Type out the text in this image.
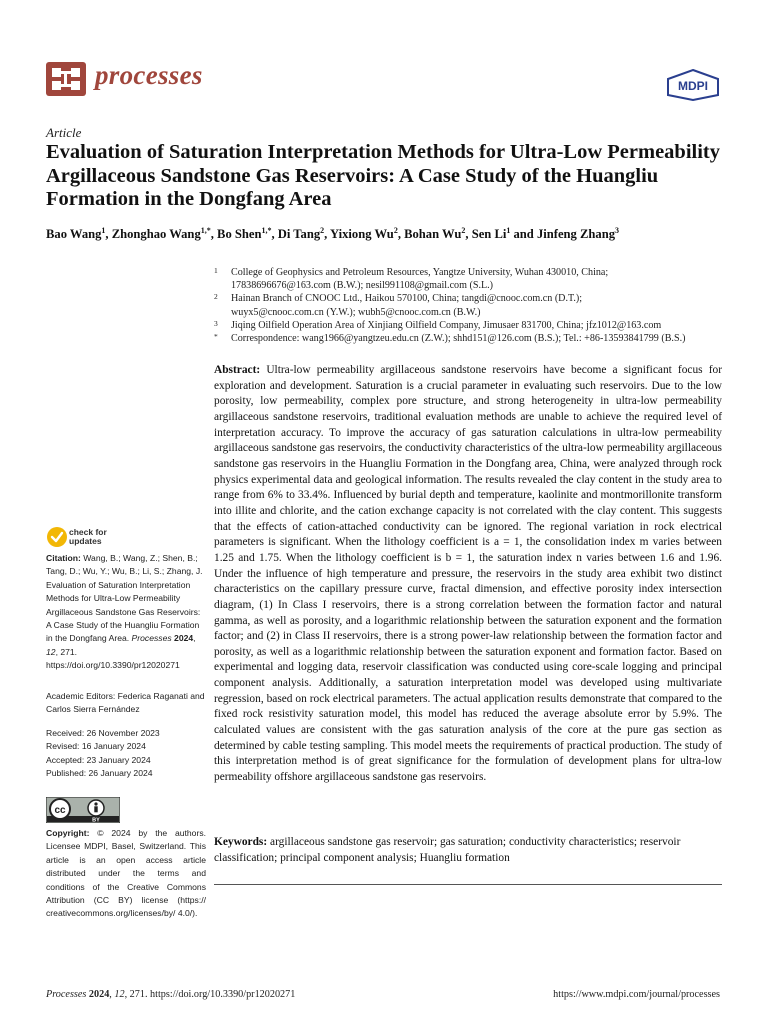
processes	MDPI
Article
Evaluation of Saturation Interpretation Methods for Ultra-Low Permeability Argillaceous Sandstone Gas Reservoirs: A Case Study of the Huangliu Formation in the Dongfang Area
Bao Wang$^1$, Zhonghao Wang$^{1,*}$, Bo Shen$^{1,*}$, Di Tang$^2$, Yixiong Wu$^2$, Bohan Wu$^2$, Sen Li$^1$ and Jinfeng Zhang$^3$
1 College of Geophysics and Petroleum Resources, Yangtze University, Wuhan 430010, China;
17838696676@163.com (B.W.); nesil991108@gmail.com (S.L.)
2 Hainan Branch of CNOOC Ltd., Haikou 570100, China; tangdi@cnooc.com.cn (D.T.);
wuyx5@cnooc.com.cn (Y.W.); wubh5@cnooc.com.cn (B.W.)
3 Jiqing Oilfield Operation Area of Xinjiang Oilfield Company, Jimusaer 831700, China; jfz1012@163.com
* Correspondence: wang1966@yangtzeu.edu.cn (Z.W.); shhd151@126.com (B.S.); Tel.: +86-13593841799 (B.S.)
Abstract: Ultra-low permeability argillaceous sandstone reservoirs have become a significant focus for exploration and development. Saturation is a crucial parameter in evaluating such reservoirs. Due to the low porosity, low permeability, complex pore structure, and strong heterogeneity in ultra-low permeability argillaceous sandstone reservoirs, traditional evaluation methods are unable to achieve the required level of interpretation accuracy. To improve the accuracy of gas saturation calculations in ultra-low permeability argillaceous sandstone gas reservoirs, the conductivity characteristics of the ultra-low permeability argillaceous sandstone gas reservoirs in the Huangliu Formation in the Dongfang area, China, were analyzed through rock physics experimental data and geological information. The results revealed the clay content in the study area to range from 6% to 33.4%. Influenced by burial depth and temperature, kaolinite and montmorillonite transform into illite and chlorite, and the cation exchange capacity is not correlated with the clay content. This suggests that the effects of cation-attached conductivity can be ignored. The regional variation in rock electrical parameters is significant. When the lithology coefficient is a = 1, the consolidation index m varies between 1.25 and 1.75. When the lithology coefficient is b = 1, the saturation index n varies between 1.6 and 1.96. Under the influence of high temperature and pressure, the reservoirs in the study area exhibit two distinct characteristics on the capillary pressure curve, fractal dimension, and effective porosity index intersection diagram, (1) In Class I reservoirs, there is a strong correlation between the formation factor and natural gamma, as well as porosity, and a logarithmic relationship between the saturation exponent and the formation factor; and (2) in Class II reservoirs, there is a strong power-law relationship between the formation factor and porosity, as well as a logarithmic relationship between the saturation exponent and formation factor. Based on experimental and logging data, reservoir classification was conducted using core-scale logging and principal component analysis. Additionally, a saturation interpretation model was developed using multivariate regression, based on rock electrical parameters. The actual application results demonstrate that compared to the fixed rock resistivity saturation model, this model has reduced the average absolute error by 5.9%. The calculated values are consistent with the gas saturation analysis of the core at the pure gas section as determined by cable testing sampling. This model meets the requirements of practical production. The study of this interpretation method is of great significance for the formulation of development plans for ultra-low permeability offshore argillaceous sandstone gas reservoirs.
Keywords: argillaceous sandstone gas reservoir; gas saturation; conductivity characteristics; reservoir classification; principal component analysis; Huangliu formation
check for
updates
Citation: Wang, B.; Wang, Z.; Shen, B.; Tang, D.; Wu, Y.; Wu, B.; Li, S.; Zhang, J. Evaluation of Saturation Interpretation Methods for Ultra-Low Permeability Argillaceous Sandstone Gas Reservoirs: A Case Study of the Huangliu Formation in the Dongfang Area. Processes 2024, 12, 271. https://doi.org/10.3390/pr12020271
Academic Editors: Federica Raganati and Carlos Sierra Fernández
Received: 26 November 2023
Revised: 16 January 2024
Accepted: 23 January 2024
Published: 26 January 2024
cc
BY
Copyright: © 2024 by the authors. Licensee MDPI, Basel, Switzerland. This article is an open access article distributed under the terms and conditions of the Creative Commons Attribution (CC BY) license (https:// creativecommons.org/licenses/by/ 4.0/).
Processes 2024, 12, 271. https://doi.org/10.3390/pr12020271	https://www.mdpi.com/journal/processes
